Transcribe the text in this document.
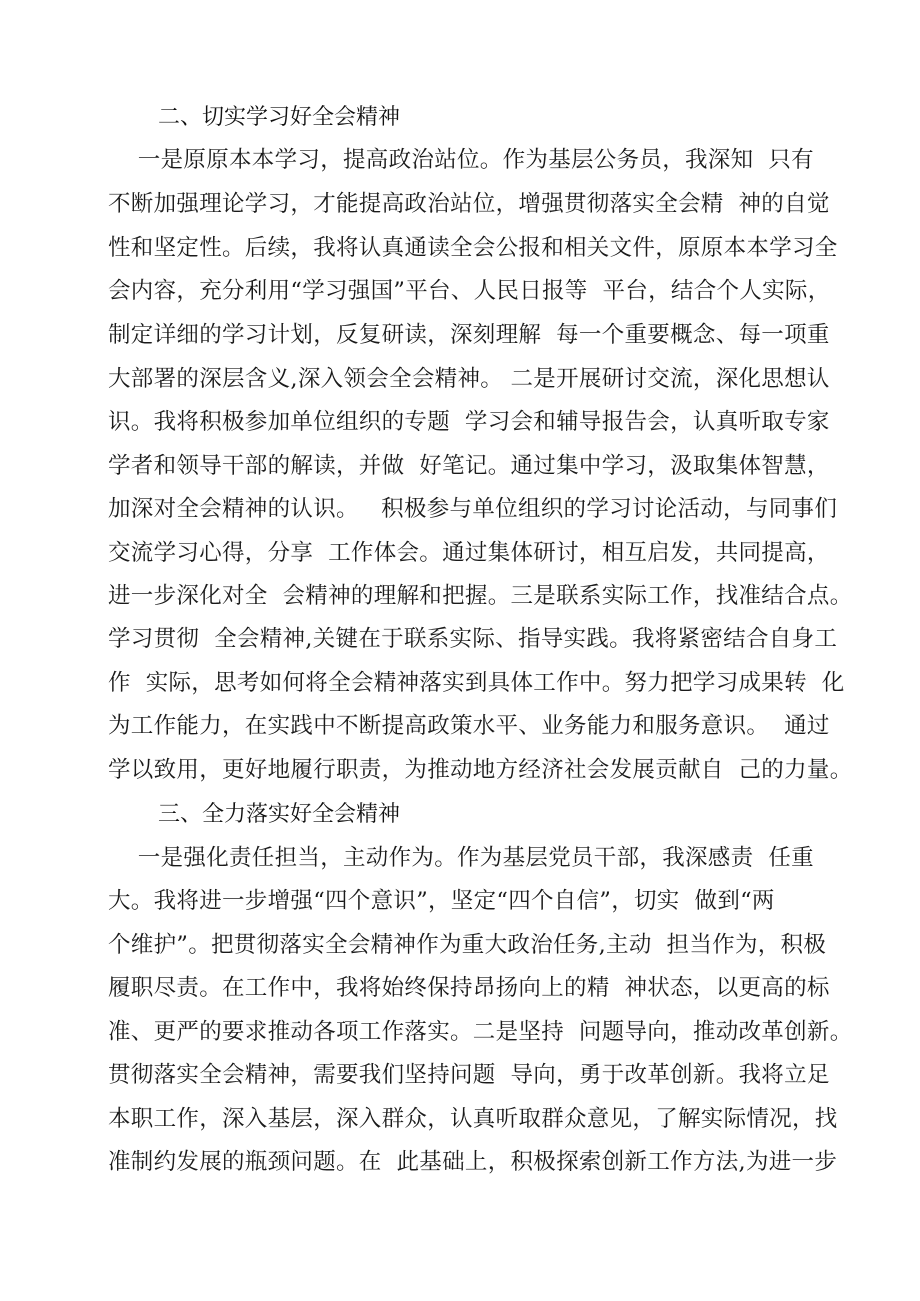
二、切实学习好全会精神
一是原原本本学习，提高政治站位。作为基层公务员，我深知  只有
不断加强理论学习，才能提高政治站位，增强贯彻落实全会精  神的自觉
性和坚定性。后续，我将认真通读全会公报和相关文件，原原本本学习全
会内容，充分利用“学习强国”平台、人民日报等  平台，结合个人实际，
制定详细的学习计划，反复研读，深刻理解  每一个重要概念、每一项重
大部署的深层含义,深入领会全会精神。 二是开展研讨交流，深化思想认
识。我将积极参加单位组织的专题  学习会和辅导报告会，认真听取专家
学者和领导干部的解读，并做  好笔记。通过集中学习，汲取集体智慧，
加深对全会精神的认识。   积极参与单位组织的学习讨论活动，与同事们
交流学习心得，分享  工作体会。通过集体研讨，相互启发，共同提高，
进一步深化对全  会精神的理解和把握。三是联系实际工作，找准结合点。
学习贯彻  全会精神,关键在于联系实际、指导实践。我将紧密结合自身工
作  实际，思考如何将全会精神落实到具体工作中。努力把学习成果转  化
为工作能力，在实践中不断提高政策水平、业务能力和服务意识。  通过
学以致用，更好地履行职责，为推动地方经济社会发展贡献自  己的力量。
三、全力落实好全会精神
一是强化责任担当，主动作为。作为基层党员干部，我深感责  任重
大。我将进一步增强“四个意识”，坚定“四个自信”，切实  做到“两
个维护”。把贯彻落实全会精神作为重大政治任务,主动  担当作为，积极
履职尽责。在工作中，我将始终保持昂扬向上的精  神状态，以更高的标
准、更严的要求推动各项工作落实。二是坚持  问题导向，推动改革创新。
贯彻落实全会精神，需要我们坚持问题  导向，勇于改革创新。我将立足
本职工作，深入基层，深入群众，认真听取群众意见，了解实际情况，找
准制约发展的瓶颈问题。在  此基础上，积极探索创新工作方法,为进一步
